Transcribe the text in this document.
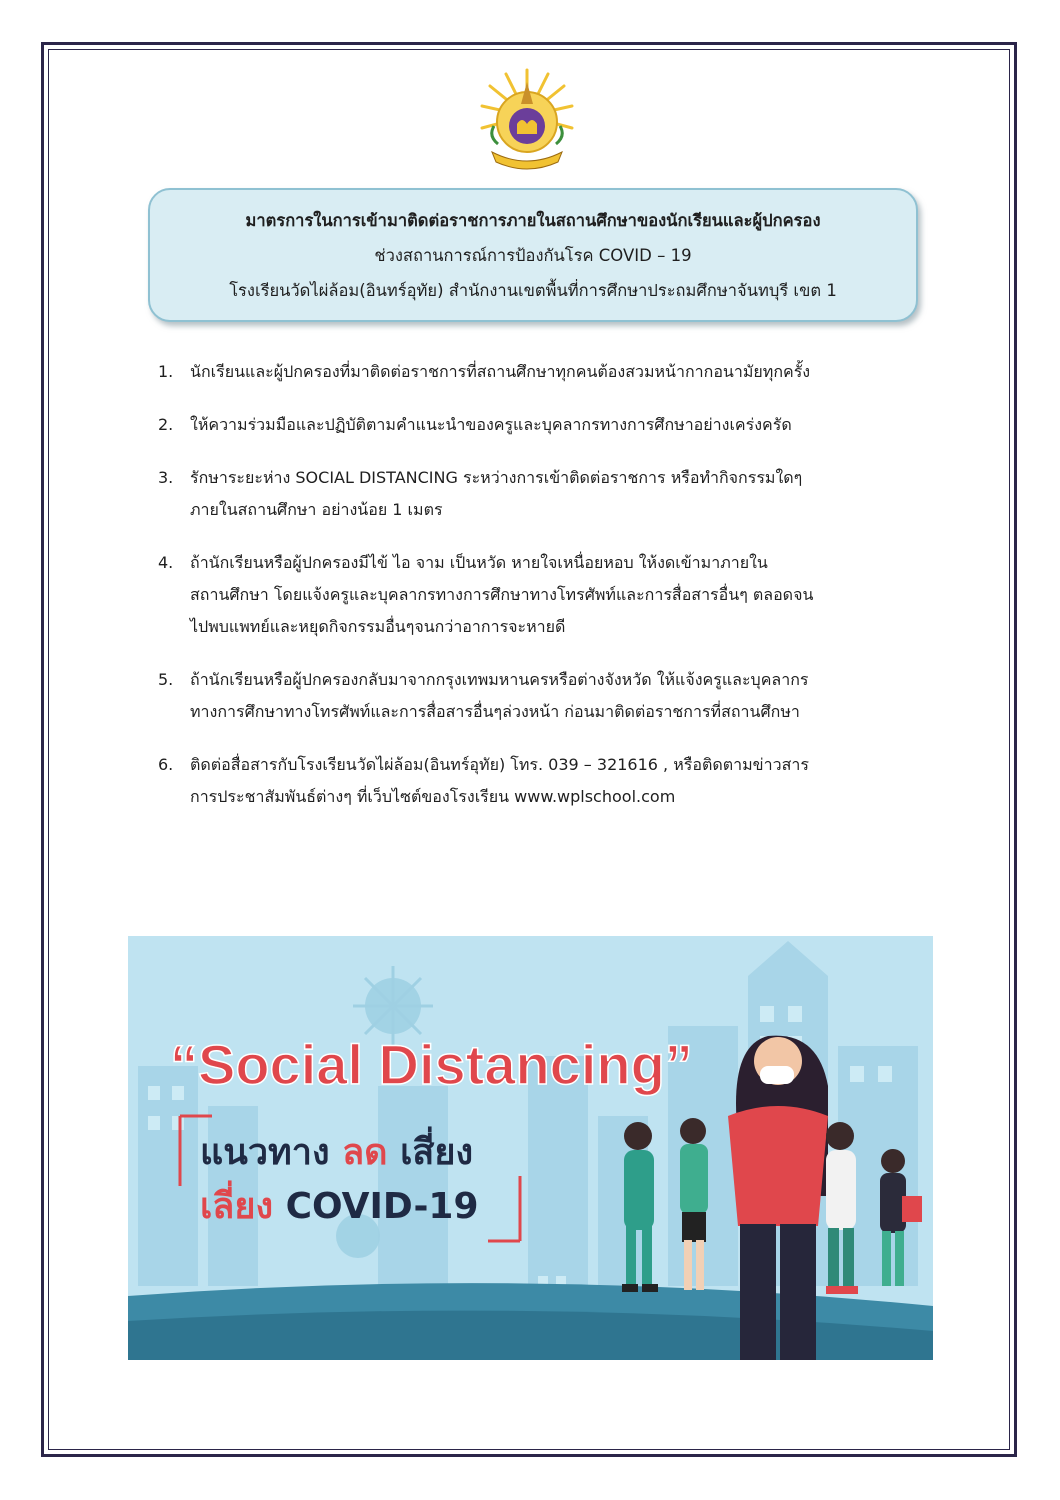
มาตรการในการเข้ามาติดต่อราชการภายในสถานศึกษาของนักเรียนและผู้ปกครอง
ช่วงสถานการณ์การป้องกันโรค COVID – 19
โรงเรียนวัดไผ่ล้อม(อินทร์อุทัย) สำนักงานเขตพื้นที่การศึกษาประถมศึกษาจันทบุรี เขต 1
1.	นักเรียนและผู้ปกครองที่มาติดต่อราชการที่สถานศึกษาทุกคนต้องสวมหน้ากากอนามัยทุกครั้ง
2.	ให้ความร่วมมือและปฏิบัติตามคำแนะนำของครูและบุคลากรทางการศึกษาอย่างเคร่งครัด
3.	รักษาระยะห่าง SOCIAL DISTANCING ระหว่างการเข้าติดต่อราชการ หรือทำกิจกรรมใดๆ
ภายในสถานศึกษา อย่างน้อย 1 เมตร
4.	ถ้านักเรียนหรือผู้ปกครองมีไข้ ไอ จาม เป็นหวัด หายใจเหนื่อยหอบ ให้งดเข้ามาภายใน
สถานศึกษา โดยแจ้งครูและบุคลากรทางการศึกษาทางโทรศัพท์และการสื่อสารอื่นๆ ตลอดจน
ไปพบแพทย์และหยุดกิจกรรมอื่นๆจนกว่าอาการจะหายดี
5.	ถ้านักเรียนหรือผู้ปกครองกลับมาจากกรุงเทพมหานครหรือต่างจังหวัด ให้แจ้งครูและบุคลากร
ทางการศึกษาทางโทรศัพท์และการสื่อสารอื่นๆล่วงหน้า ก่อนมาติดต่อราชการที่สถานศึกษา
6.	ติดต่อสื่อสารกับโรงเรียนวัดไผ่ล้อม(อินทร์อุทัย) โทร. 039 – 321616 , หรือติดตามข่าวสาร
การประชาสัมพันธ์ต่างๆ ที่เว็บไซต์ของโรงเรียน www.wplschool.com
“Social Distancing”
แนวทาง ลด เสี่ยง
เลี่ยง COVID-19
